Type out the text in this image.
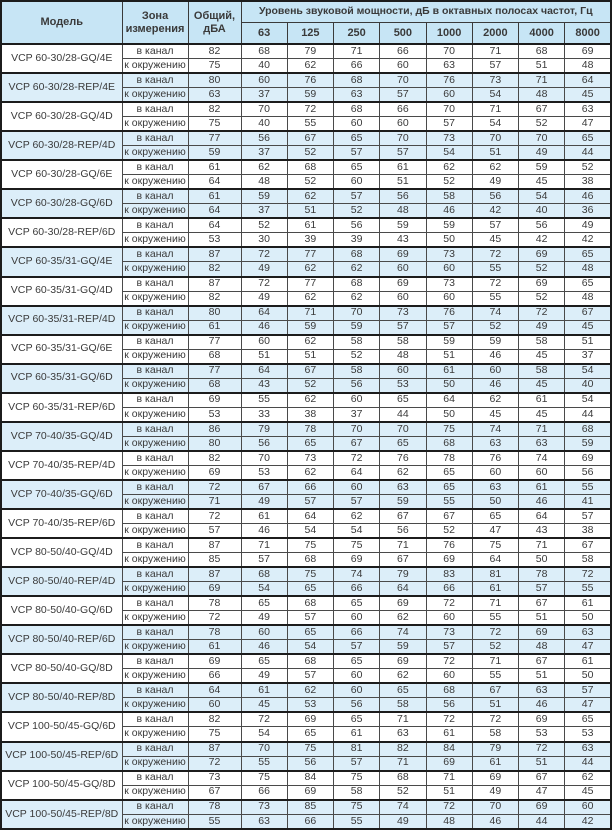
Модель	Зона измерения	Общий, дБА	Уровень звуковой мощности, дБ в октавных полосах частот, Гц							
			63	125	250	500	1000	2000	4000	8000
VCP 60-30/28-GQ/4E	в канал	82	68	79	71	66	70	71	68	69
	к окружению	75	40	62	66	60	63	57	51	48
VCP 60-30/28-REP/4E	в канал	80	60	76	68	70	76	73	71	64
	к окружению	63	37	59	63	57	60	54	48	45
VCP 60-30/28-GQ/4D	в канал	82	70	72	68	66	70	71	67	63
	к окружению	75	40	55	60	60	57	54	52	47
VCP 60-30/28-REP/4D	в канал	77	56	67	65	70	73	70	70	65
	к окружению	59	37	52	57	57	54	51	49	44
VCP 60-30/28-GQ/6E	в канал	61	62	68	65	61	62	62	59	52
	к окружению	64	48	52	60	51	52	49	45	38
VCP 60-30/28-GQ/6D	в канал	61	59	62	57	56	58	56	54	46
	к окружению	64	37	51	52	48	46	42	40	36
VCP 60-30/28-REP/6D	в канал	64	52	61	56	59	59	57	56	49
	к окружению	53	30	39	39	43	50	45	42	42
VCP 60-35/31-GQ/4E	в канал	87	72	77	68	69	73	72	69	65
	к окружению	82	49	62	62	60	60	55	52	48
VCP 60-35/31-GQ/4D	в канал	87	72	77	68	69	73	72	69	65
	к окружению	82	49	62	62	60	60	55	52	48
VCP 60-35/31-REP/4D	в канал	80	64	71	70	73	76	74	72	67
	к окружению	61	46	59	59	57	57	52	49	45
VCP 60-35/31-GQ/6E	в канал	77	60	62	58	58	59	59	58	51
	к окружению	68	51	51	52	48	51	46	45	37
VCP 60-35/31-GQ/6D	в канал	77	64	67	58	60	61	60	58	54
	к окружению	68	43	52	56	53	50	46	45	40
VCP 60-35/31-REP/6D	в канал	69	55	62	60	65	64	62	61	54
	к окружению	53	33	38	37	44	50	45	45	44
VCP 70-40/35-GQ/4D	в канал	86	79	78	70	70	75	74	71	68
	к окружению	80	56	65	67	65	68	63	63	59
VCP 70-40/35-REP/4D	в канал	82	70	73	72	76	78	76	74	69
	к окружению	69	53	62	64	62	65	60	60	56
VCP 70-40/35-GQ/6D	в канал	72	67	66	60	63	65	63	61	55
	к окружению	71	49	57	57	59	55	50	46	41
VCP 70-40/35-REP/6D	в канал	72	61	64	62	67	67	65	64	57
	к окружению	57	46	54	54	56	52	47	43	38
VCP 80-50/40-GQ/4D	в канал	87	71	75	75	71	76	75	71	67
	к окружению	85	57	68	69	67	69	64	50	58
VCP 80-50/40-REP/4D	в канал	87	68	75	74	79	83	81	78	72
	к окружению	69	54	65	66	64	66	61	57	55
VCP 80-50/40-GQ/6D	в канал	78	65	68	65	69	72	71	67	61
	к окружению	72	49	57	60	62	60	55	51	50
VCP 80-50/40-REP/6D	в канал	78	60	65	66	74	73	72	69	63
	к окружению	61	46	54	57	59	57	52	48	47
VCP 80-50/40-GQ/8D	в канал	69	65	68	65	69	72	71	67	61
	к окружению	66	49	57	60	62	60	55	51	50
VCP 80-50/40-REP/8D	в канал	64	61	62	60	65	68	67	63	57
	к окружению	60	45	53	56	58	56	51	46	47
VCP 100-50/45-GQ/6D	в канал	82	72	69	65	71	72	72	69	65
	к окружению	75	54	65	61	63	61	58	53	53
VCP 100-50/45-REP/6D	в канал	87	70	75	81	82	84	79	72	63
	к окружению	72	55	56	57	71	69	61	51	44
VCP 100-50/45-GQ/8D	в канал	73	75	84	75	68	71	69	67	62
	к окружению	67	66	69	58	52	51	49	47	45
VCP 100-50/45-REP/8D	в канал	78	73	85	75	74	72	70	69	60
	к окружению	55	63	66	55	49	48	46	44	42
